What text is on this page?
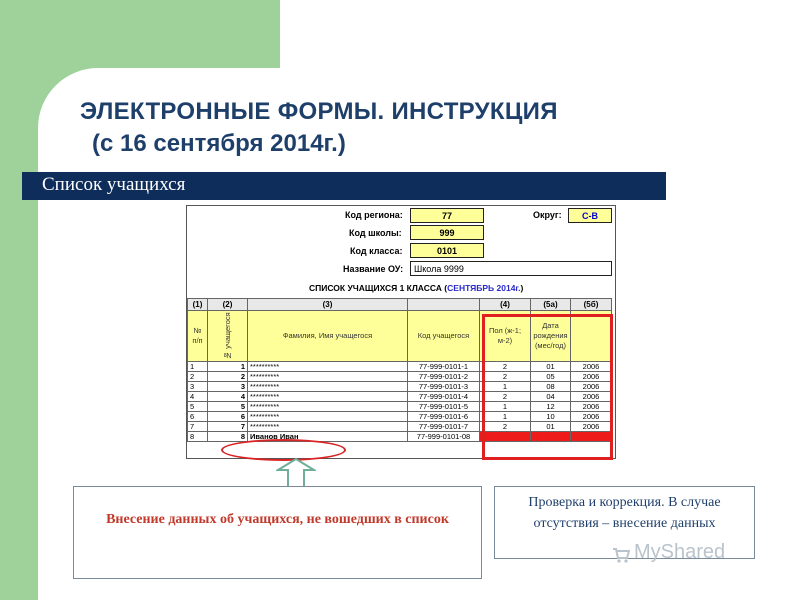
ЭЛЕКТРОННЫЕ ФОРМЫ. ИНСТРУКЦИЯ
(с 16 сентября 2014г.)
Список учащихся
Код региона:	77	Округ:	С-В
Код школы:	999
Код класса:	0101
Название ОУ:	Школа 9999
СПИСОК УЧАЩИХСЯ 1 КЛАССА (СЕНТЯБРЬ 2014г.)
(1)	(2)	(3)		(4)	(5а)	(5б)
№ п/п	№ учащегося	Фамилия, Имя учащегося	Код учащегося	Пол (ж-1; м-2)	Дата рождения (мес/год)	
1	1	**********	77-999-0101-1	2	01	2006
2	2	**********	77-999-0101-2	2	05	2006
3	3	**********	77-999-0101-3	1	08	2006
4	4	**********	77-999-0101-4	2	04	2006
5	5	**********	77-999-0101-5	1	12	2006
6	6	**********	77-999-0101-6	1	10	2006
7	7	**********	77-999-0101-7	2	01	2006
8	8	Иванов Иван	77-999-0101-08			
Внесение данных об учащихся, не вошедших в список
Проверка и коррекция. В случае отсутствия – внесение данных
MyShared
